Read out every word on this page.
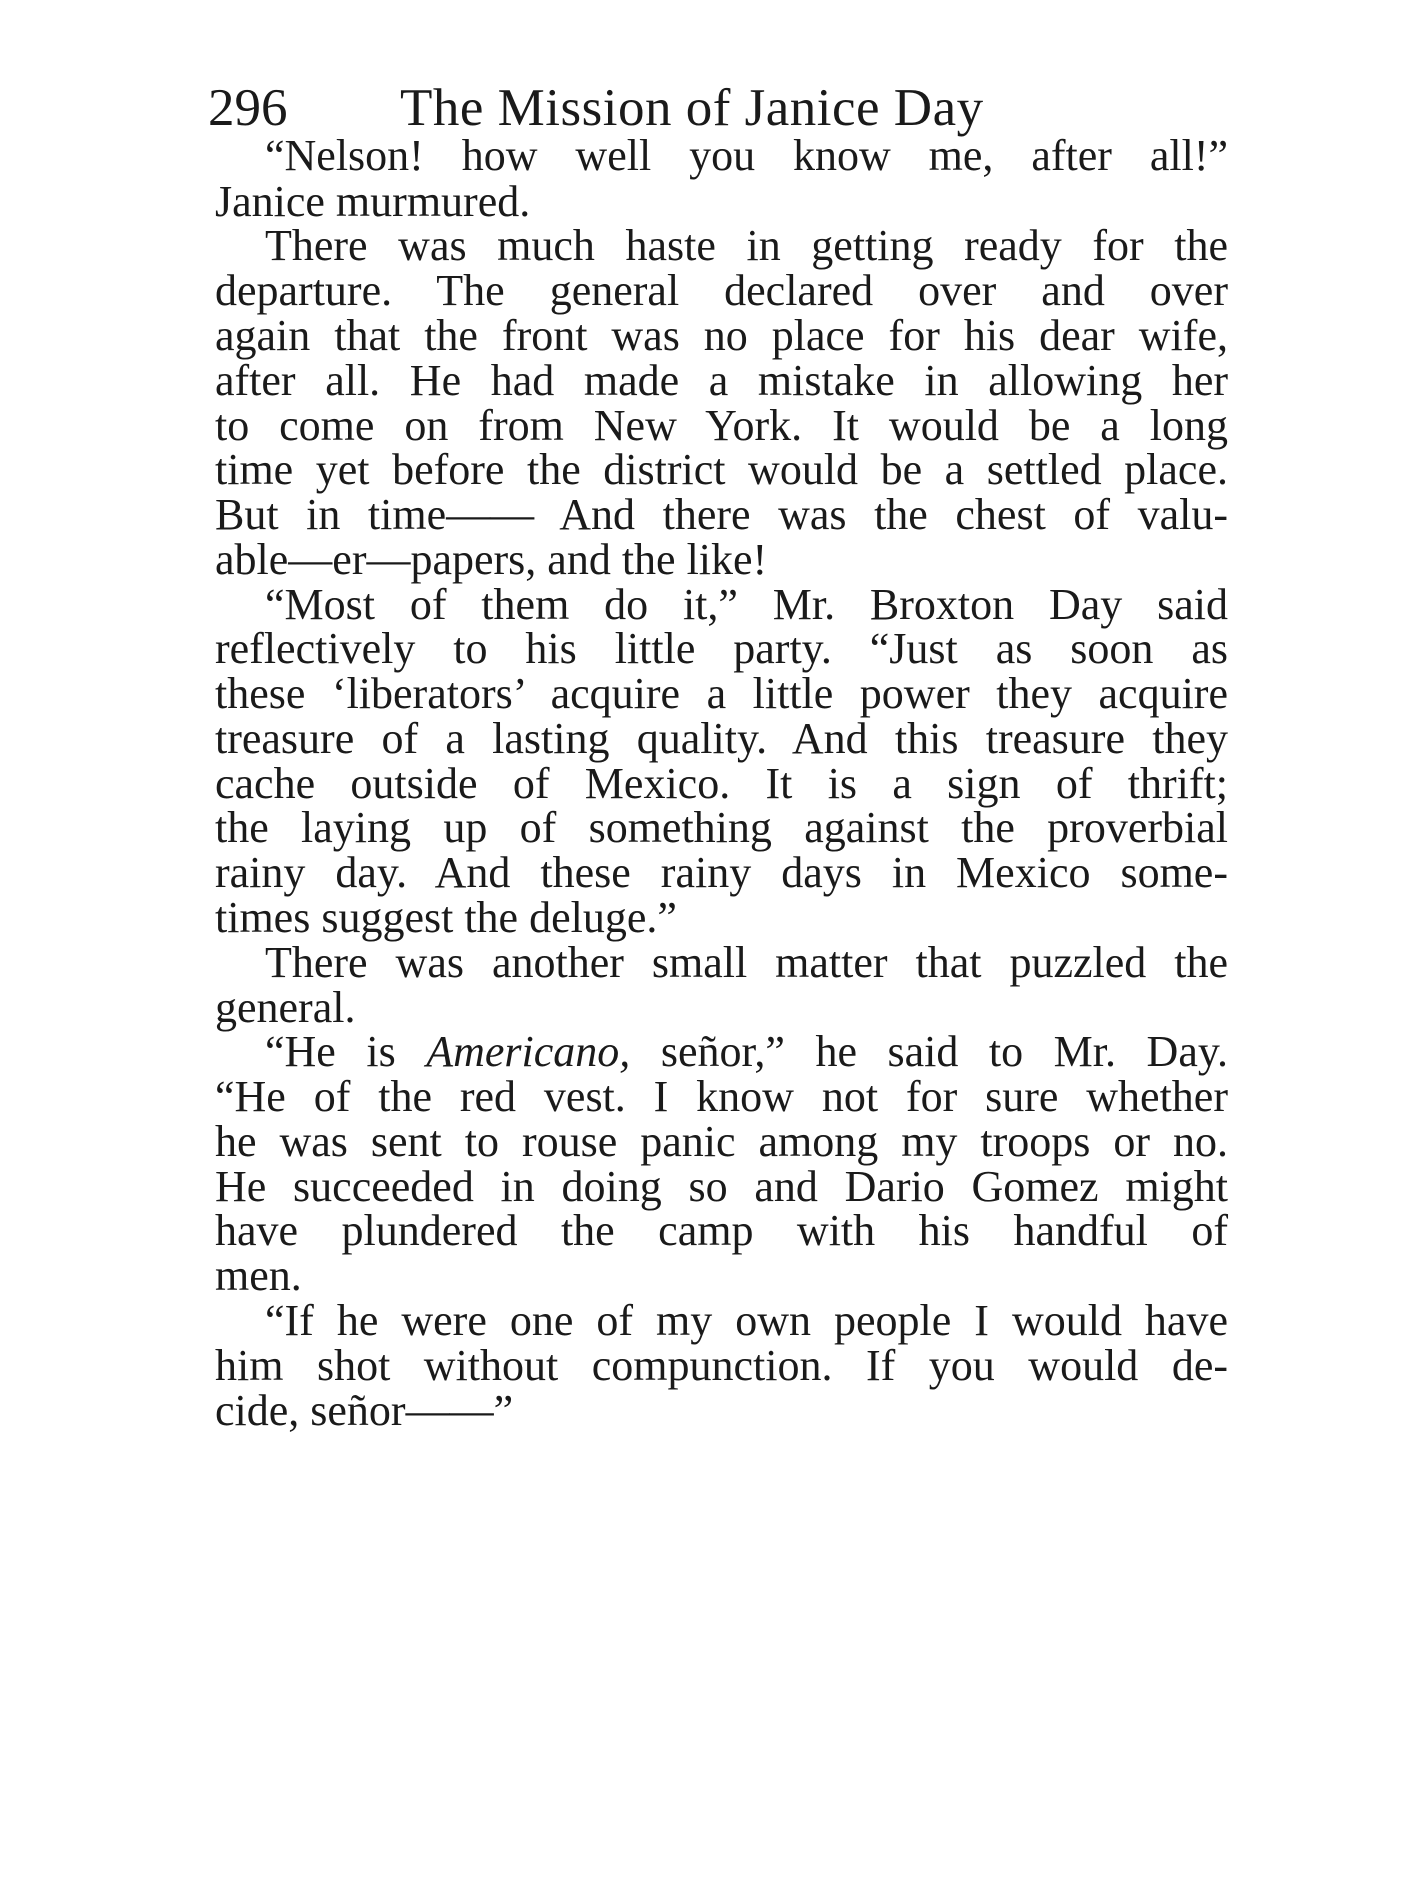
296 The Mission of Janice Day
“Nelson! how well you know me, after all!”
Janice murmured.
There was much haste in getting ready for the
departure. The general declared over and over
again that the front was no place for his dear wife,
after all. He had made a mistake in allowing her
to come on from New York. It would be a long
time yet before the district would be a settled place.
But in time—— And there was the chest of valu-
able—er—papers, and the like!
“Most of them do it,” Mr. Broxton Day said
reflectively to his little party. “Just as soon as
these ‘liberators’ acquire a little power they acquire
treasure of a lasting quality. And this treasure they
cache outside of Mexico. It is a sign of thrift;
the laying up of something against the proverbial
rainy day. And these rainy days in Mexico some-
times suggest the deluge.”
There was another small matter that puzzled the
general.
“He is Americano, señor,” he said to Mr. Day.
“He of the red vest. I know not for sure whether
he was sent to rouse panic among my troops or no.
He succeeded in doing so and Dario Gomez might
have plundered the camp with his handful of
men.
“If he were one of my own people I would have
him shot without compunction. If you would de-
cide, señor——”
